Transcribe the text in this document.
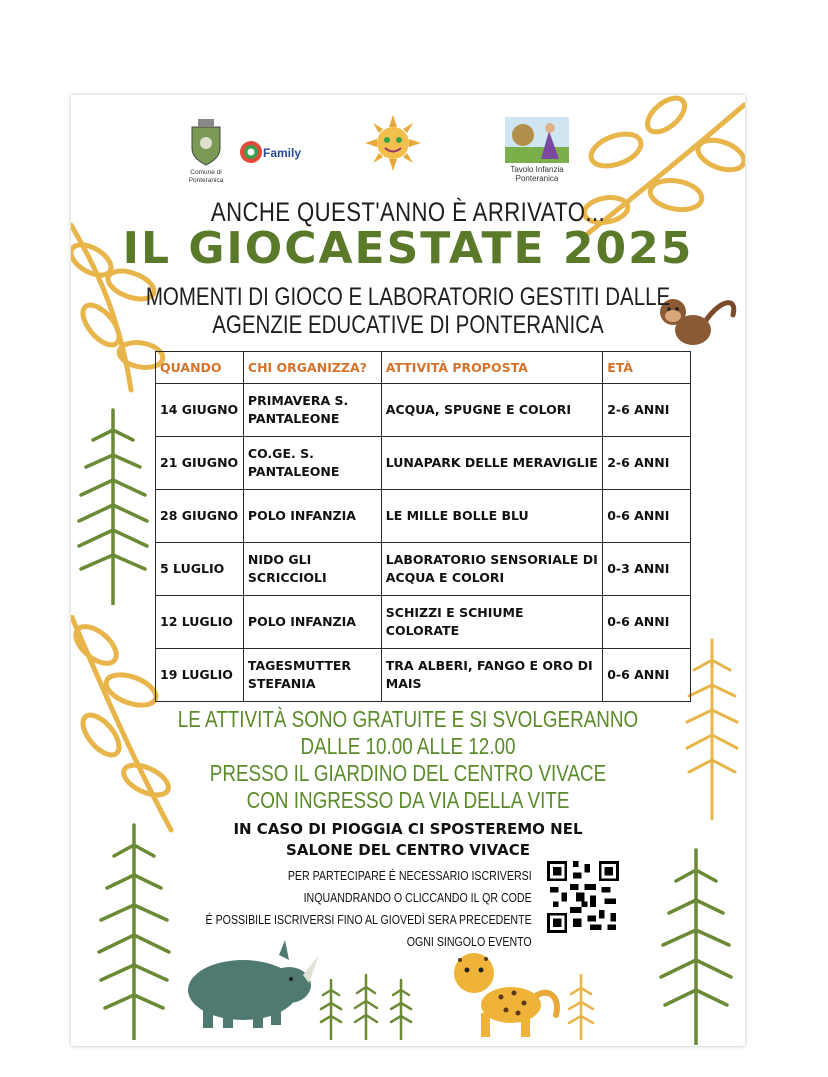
Comune di
Ponteranica
Family
Tavolo Infanzia
Ponteranica
ANCHE QUEST'ANNO È ARRIVATO...
IL GIOCAESTATE 2025
MOMENTI DI GIOCO E LABORATORIO GESTITI DALLE
AGENZIE EDUCATIVE DI PONTERANICA
QUANDO	CHI ORGANIZZA?	ATTIVITÀ PROPOSTA	ETÀ
14 GIUGNO	PRIMAVERA S. PANTALEONE	ACQUA, SPUGNE E COLORI	2-6 ANNI
21 GIUGNO	CO.GE. S. PANTALEONE	LUNAPARK DELLE MERAVIGLIE	2-6 ANNI
28 GIUGNO	POLO INFANZIA	LE MILLE BOLLE BLU	0-6 ANNI
5 LUGLIO	NIDO GLI SCRICCIOLI	LABORATORIO SENSORIALE DI ACQUA E COLORI	0-3 ANNI
12 LUGLIO	POLO INFANZIA	SCHIZZI E SCHIUME COLORATE	0-6 ANNI
19 LUGLIO	TAGESMUTTER STEFANIA	TRA ALBERI, FANGO E ORO DI MAIS	0-6 ANNI
LE ATTIVITÀ SONO GRATUITE E SI SVOLGERANNO
DALLE 10.00 ALLE 12.00
PRESSO IL GIARDINO DEL CENTRO VIVACE
CON INGRESSO DA VIA DELLA VITE
IN CASO DI PIOGGIA CI SPOSTEREMO NEL
SALONE DEL CENTRO VIVACE
PER PARTECIPARE É NECESSARIO ISCRIVERSI
INQUANDRANDO O CLICCANDO IL QR CODE
É POSSIBILE ISCRIVERSI FINO AL GIOVEDÌ SERA PRECEDENTE
OGNI SINGOLO EVENTO
